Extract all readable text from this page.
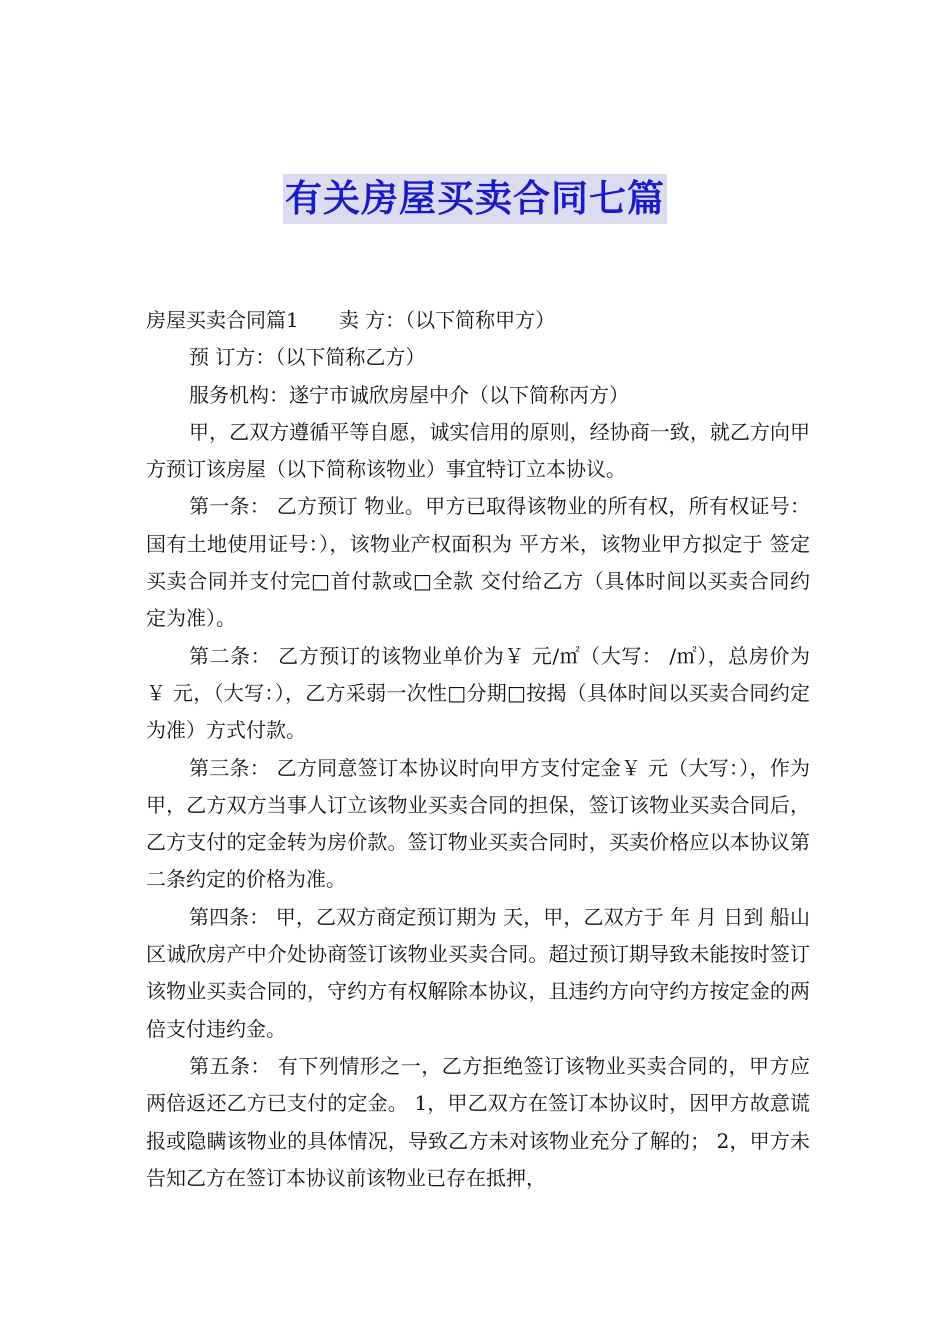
有关房屋买卖合同七篇

房屋买卖合同篇1 卖 方：（以下简称甲方）

预 订方：（以下简称乙方）

服务机构：遂宁市诚欣房屋中介（以下简称丙方）

甲，乙双方遵循平等自愿，诚实信用的原则，经协商一致，就乙方向甲方预订该房屋（以下简称该物业）事宜特订立本协议。

第一条： 乙方预订 物业。甲方已取得该物业的所有权，所有权证号： 国有土地使用证号：），该物业产权面积为 平方米，该物业甲方拟定于 签定买卖合同并支付完□首付款或□全款 交付给乙方（具体时间以买卖合同约定为准）。

第二条： 乙方预订的该物业单价为￥ 元/㎡（大写： /㎡），总房价为￥ 元，（大写：），乙方采弱一次性□分期□按揭（具体时间以买卖合同约定为准）方式付款。

第三条： 乙方同意签订本协议时向甲方支付定金￥ 元（大写：），作为甲，乙方双方当事人订立该物业买卖合同的担保，签订该物业买卖合同后，乙方支付的定金转为房价款。签订物业买卖合同时，买卖价格应以本协议第二条约定的价格为准。

第四条： 甲，乙双方商定预订期为 天，甲，乙双方于 年 月 日到 船山区诚欣房产中介处协商签订该物业买卖合同。超过预订期导致未能按时签订该物业买卖合同的，守约方有权解除本协议，且违约方向守约方按定金的两倍支付违约金。

第五条： 有下列情形之一，乙方拒绝签订该物业买卖合同的，甲方应两倍返还乙方已支付的定金。 1，甲乙双方在签订本协议时，因甲方故意谎报或隐瞒该物业的具体情况，导致乙方未对该物业充分了解的； 2，甲方未告知乙方在签订本协议前该物业已存在抵押，
